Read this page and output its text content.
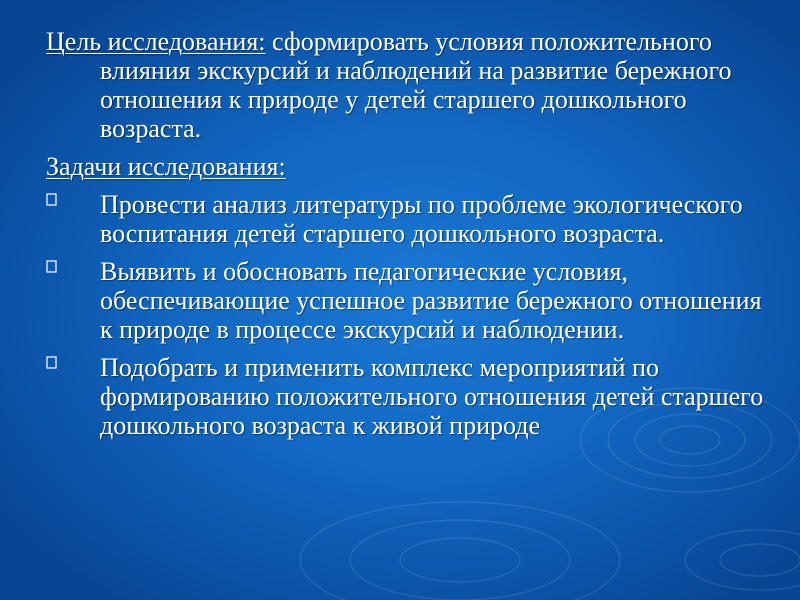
Цель исследования: сформировать условия положительного влияния экскурсий и наблюдений на развитие бережного отношения к природе у детей старшего дошкольного возраста.
Задачи исследования:
Провести анализ литературы по проблеме экологического воспитания детей старшего дошкольного возраста.
Выявить и обосновать педагогические условия, обеспечивающие успешное развитие бережного отношения к природе в процессе экскурсий и наблюдении.
Подобрать и применить комплекс мероприятий по формированию положительного отношения детей старшего дошкольного возраста к живой природе
